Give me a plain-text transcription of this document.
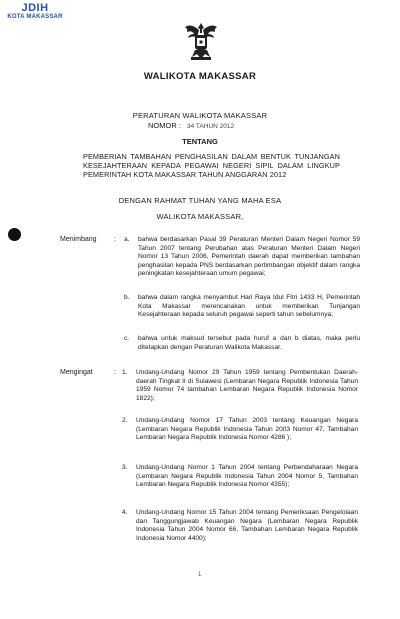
JDIH
KOTA MAKASSAR
WALIKOTA MAKASSAR
PERATURAN WALIKOTA MAKASSAR
NOMOR : 34 TAHUN 2012
TENTANG
PEMBERIAN TAMBAHAN PENGHASILAN DALAM BENTUK TUNJANGAN KESEJAHTERAAN KEPADA PEGAWAI NEGERI SIPIL DALAM LINGKUP PEMERINTAH KOTA MAKASSAR TAHUN ANGGARAN 2012
DENGAN RAHMAT TUHAN YANG MAHA ESA
WALIKOTA MAKASSAR,
Menimbang : a. bahwa berdasarkan Pasal 39 Peraturan Menteri Dalam Negeri Nomor 59 Tahun 2007 tentang Perubahan atas Peraturan Menteri Dalam Negeri Nomor 13 Tahun 2006, Pemerintah daerah dapat memberikan tambahan penghasilan kepada PNS berdasarkan pertimbangan objektif dalam rangka peningkatan kesejahteraan umum pegawai;
b. bahwa dalam rangka menyambut Hari Raya Idul Fitri 1433 H, Pemerintah Kota Makassar merencanakan untuk memberikan Tunjangan Kesejahteraan kepada seluruh pegawai seperti tahun sebelumnya;
c. bahwa untuk maksud tersebut pada huruf a dan b diatas, maka perlu ditetapkan dengan Peraturan Walikota Makassar.
Mengingat	: 1. Undang-Undang Nomor 29 Tahun 1959 tentang Pembentukan Daerah-daerah Tingkat II di Sulawesi (Lembaran Negara Republik Indonesia Tahun 1959 Nomor 74 tambahan Lembaran Negara Republik Indonesia Nomor 1822);
2. Undang-Undang Nomor 17 Tahun 2003 tentang Keuangan Negara (Lembaran Negara Republik Indonesia Tahun 2003 Nomor 47, Tambahan Lembaran Negara Republik Indonesia Nomor 4286 );
3. Undang-Undang Nomor 1 Tahun 2004 tentang Perbendaharaan Negara (Lembaran Negara Republik Indonesia Tahun 2004 Nomor 5, Tambahan Lembaran Negara Republik Indonesia Nomor 4355);
4. Undang-Undang Nomor 15 Tahun 2004 tentang Pemeriksaan Pengelolaan dan Tanggungjawab Keuangan Negara (Lembaran Negara Republik Indonesia Tahun 2004 Nomor 66, Tambahan Lembaran Negara Republik Indonesia Nomor 4400);
1
